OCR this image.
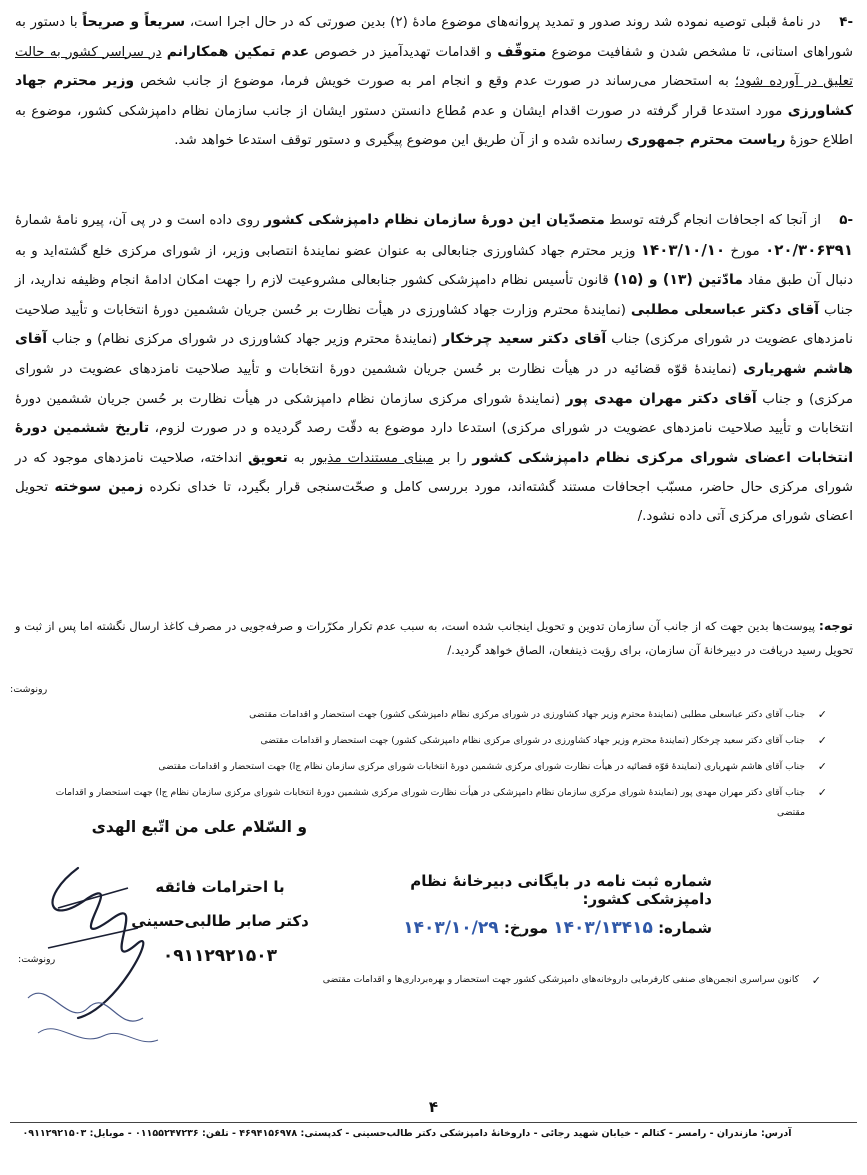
-۴ در نامهٔ قبلی توصیه نموده شد روند صدور و تمدید پروانه‌های موضوع مادهٔ (۲) بدین صورتی که در حال اجرا است، سریعاً و صریحاً با دستور به شوراهای استانی، تا مشخص شدن و شفافیت موضوع متوقّف و اقدامات تهدیدآمیز در خصوص عدم تمکین همکارانم در سراسر کشور به حالت تعلیق در آورده شود؛ به استحضار می‌رساند در صورت عدم وقع و انجام امر به صورت خویش فرما، موضوع از جانب شخص وزیر محترم جهاد کشاورزی مورد استدعا قرار گرفته در صورت اقدام ایشان و عدم مُطاع دانستن دستور ایشان از جانب سازمان نظام دامپزشکی کشور، موضوع به اطلاع حوزهٔ ریاست محترم جمهوری رسانده شده و از آن طریق این موضوع پیگیری و دستور توقف استدعا خواهد شد.
-۵ از آنجا که اجحافات انجام گرفته توسط متصدّیان این دورهٔ سازمان نظام دامپزشکی کشور روی داده است و در پی آن، پیرو نامهٔ شمارهٔ ۰۲۰/۳۰۶۳۹۱ مورخ ۱۴۰۳/۱۰/۱۰ وزیر محترم جهاد کشاورزی جنابعالی به عنوان عضو نمایندهٔ انتصابی وزیر، از شورای مرکزی خلع گشته‌اید و به دنبال آن طبق مفاد مادّتین (۱۳) و (۱۵) قانون تأسیس نظام دامپزشکی کشور جنابعالی مشروعیت لازم را جهت امکان ادامهٔ انجام وظیفه ندارید، از جناب آقای دکتر عباسعلی مطلبی (نمایندهٔ محترم وزارت جهاد کشاورزی در هیأت نظارت بر حُسن جریان ششمین دورهٔ انتخابات و تأیید صلاحیت نامزدهای عضویت در شورای مرکزی) جناب آقای دکتر سعید چرخکار (نمایندهٔ محترم وزیر جهاد کشاورزی در شورای مرکزی نظام) و جناب آقای هاشم شهریاری (نمایندهٔ قوّه قضائیه در در هیأت نظارت بر حُسن جریان ششمین دورهٔ انتخابات و تأیید صلاحیت نامزدهای عضویت در شورای مرکزی) و جناب آقای دکتر مهران مهدی پور (نمایندهٔ شورای مرکزی سازمان نظام دامپزشکی در هیأت نظارت بر حُسن جریان ششمین دورهٔ انتخابات و تأیید صلاحیت نامزدهای عضویت در شورای مرکزی) استدعا دارد موضوع به دقّت رصد گردیده و در صورت لزوم، تاریخ ششمین دورهٔ انتخابات اعضای شورای مرکزی نظام دامپزشکی کشور را بر مبنای مستندات مذبور به تعویق انداخته، صلاحیت نامزدهای موجود که در شورای مرکزی حال حاضر، مسبّب اجحافات مستند گشته‌اند، مورد بررسی کامل و صحّت‌سنجی قرار بگیرد، تا خدای نکرده زمین سوخته تحویل اعضای شورای مرکزی آتی داده نشود./
توجه: پیوست‌ها بدین جهت که از جانب آن سازمان تدوین و تحویل اینجانب شده است، به سبب عدم تکرار مکرّرات و صرفه‌جویی در مصرف کاغذ ارسال نگشته اما پس از ثبت و تحویل رسید دریافت در دبیرخانهٔ آن سازمان، برای رؤیت ذینفعان، الصاق خواهد گردید./
رونوشت:
✓
جناب آقای دکتر عباسعلی مطلبی (نمایندهٔ محترم وزیر جهاد کشاورزی در شورای مرکزی نظام دامپزشکی کشور) جهت استحضار و اقدامات مقتضی
✓
جناب آقای دکتر سعید چرخکار (نمایندهٔ محترم وزیر جهاد کشاورزی در شورای مرکزی نظام دامپزشکی کشور) جهت استحضار و اقدامات مقتضی
✓
جناب آقای هاشم شهریاری (نمایندهٔ قوّه قضائیه در هیأت نظارت شورای مرکزی ششمین دورهٔ انتخابات شورای مرکزی سازمان نظام ج‌ا) جهت استحضار و اقدامات مقتضی
✓
جناب آقای دکتر مهران مهدی پور (نمایندهٔ شورای مرکزی سازمان نظام دامپزشکی در هیأت نظارت شورای مرکزی ششمین دورهٔ انتخابات شورای مرکزی سازمان نظام ج‌ا) جهت استحضار و اقدامات مقتضی
و السّلام علی من اتّبع الهدی
شماره ثبت نامه در بایگانی دبیرخانهٔ نظام دامپزشکی کشور:
شماره: ۱۴۰۳/۱۳۴۱۵ مورخ: ۱۴۰۳/۱۰/۲۹
با احترامات فائقه
دکتر صابر طالبی‌حسینی
۰۹۱۱۲۹۲۱۵۰۳
رونوشت:
✓
کانون سراسری انجمن‌های صنفی کارفرمایی داروخانه‌های دامپزشکی کشور جهت استحضار و بهره‌برداری‌ها و اقدامات مقتضی
۴
آدرس: مازندران - رامسر - کتالم - خیابان شهید رجائی - داروخانهٔ دامپزشکی دکتر طالب‌حسینی - کدپستی: ۴۶۹۴۱۵۶۹۷۸ - تلفن: ۰۱۱۵۵۲۴۷۲۳۶ - موبایل: ۰۹۱۱۲۹۲۱۵۰۳
